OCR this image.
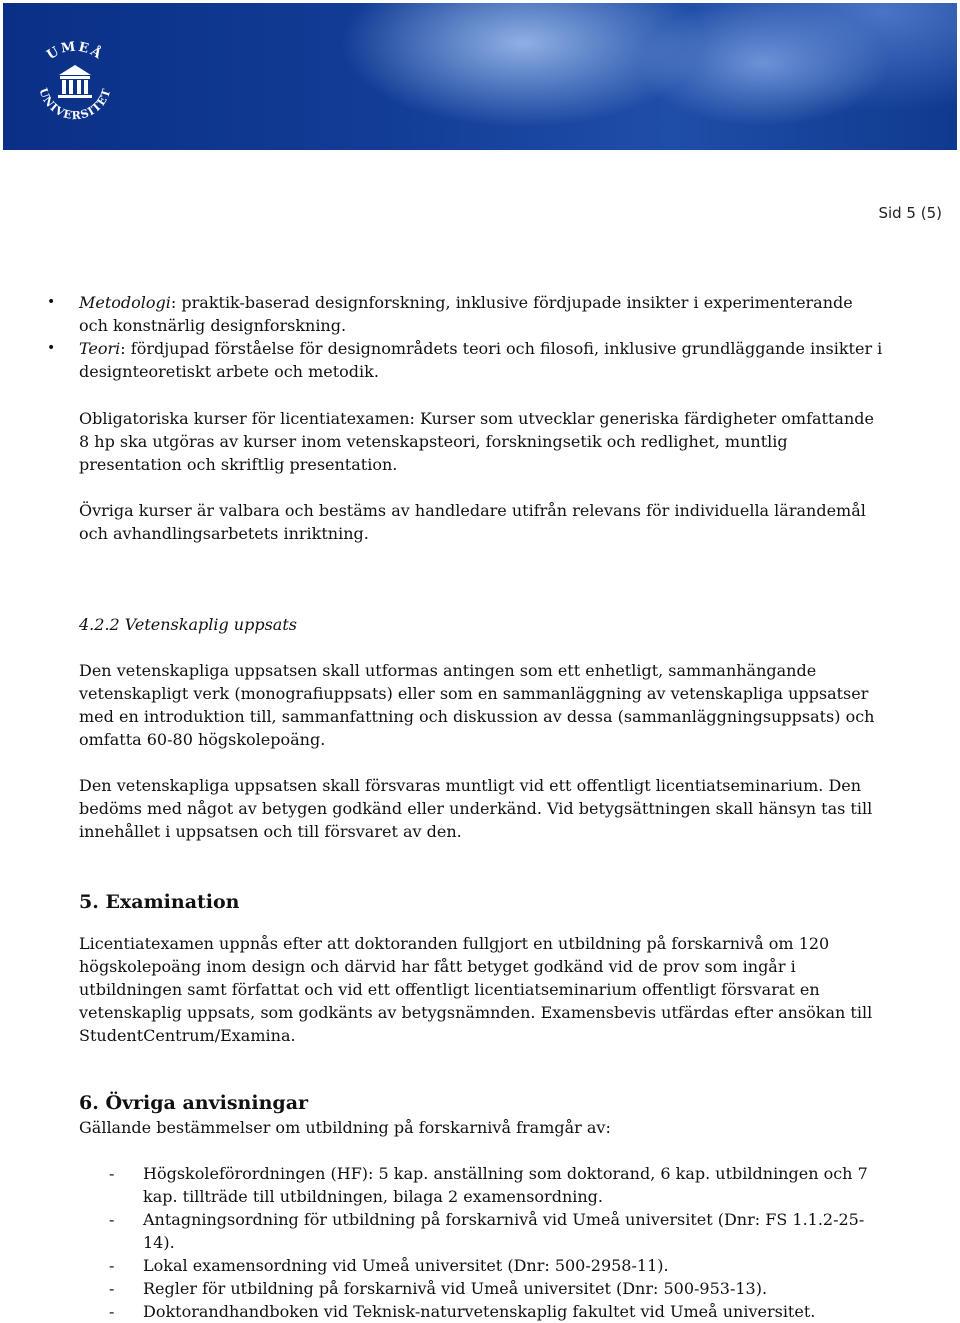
UMEÅ
UNIVERSITET
Sid 5 (5)
• Metodologi: praktik-baserad designforskning, inklusive fördjupade insikter i experimenterande och konstnärlig designforskning.
• Teori: fördjupad förståelse för designområdets teori och filosofi, inklusive grundläggande insikter i designteoretiskt arbete och metodik.

Obligatoriska kurser för licentiatexamen: Kurser som utvecklar generiska färdigheter omfattande 8 hp ska utgöras av kurser inom vetenskapsteori, forskningsetik och redlighet, muntlig presentation och skriftlig presentation.

Övriga kurser är valbara och bestäms av handledare utifrån relevans för individuella lärandemål och avhandlingsarbetets inriktning.

4.2.2 Vetenskaplig uppsats

Den vetenskapliga uppsatsen skall utformas antingen som ett enhetligt, sammanhängande vetenskapligt verk (monografiuppsats) eller som en sammanläggning av vetenskapliga uppsatser med en introduktion till, sammanfattning och diskussion av dessa (sammanläggningsuppsats) och omfatta 60-80 högskolepoäng.

Den vetenskapliga uppsatsen skall försvaras muntligt vid ett offentligt licentiatseminarium. Den bedöms med något av betygen godkänd eller underkänd. Vid betygsättningen skall hänsyn tas till innehållet i uppsatsen och till försvaret av den.

5. Examination

Licentiatexamen uppnås efter att doktoranden fullgjort en utbildning på forskarnivå om 120 högskolepoäng inom design och därvid har fått betyget godkänd vid de prov som ingår i utbildningen samt författat och vid ett offentligt licentiatseminarium offentligt försvarat en vetenskaplig uppsats, som godkänts av betygsnämnden. Examensbevis utfärdas efter ansökan till StudentCentrum/Examina.

6. Övriga anvisningar

Gällande bestämmelser om utbildning på forskarnivå framgår av:

- Högskoleförordningen (HF): 5 kap. anställning som doktorand, 6 kap. utbildningen och 7 kap. tillträde till utbildningen, bilaga 2 examensordning.
- Antagningsordning för utbildning på forskarnivå vid Umeå universitet (Dnr: FS 1.1.2-25-14).
- Lokal examensordning vid Umeå universitet (Dnr: 500-2958-11).
- Regler för utbildning på forskarnivå vid Umeå universitet (Dnr: 500-953-13).
- Doktorandhandboken vid Teknisk-naturvetenskaplig fakultet vid Umeå universitet.
